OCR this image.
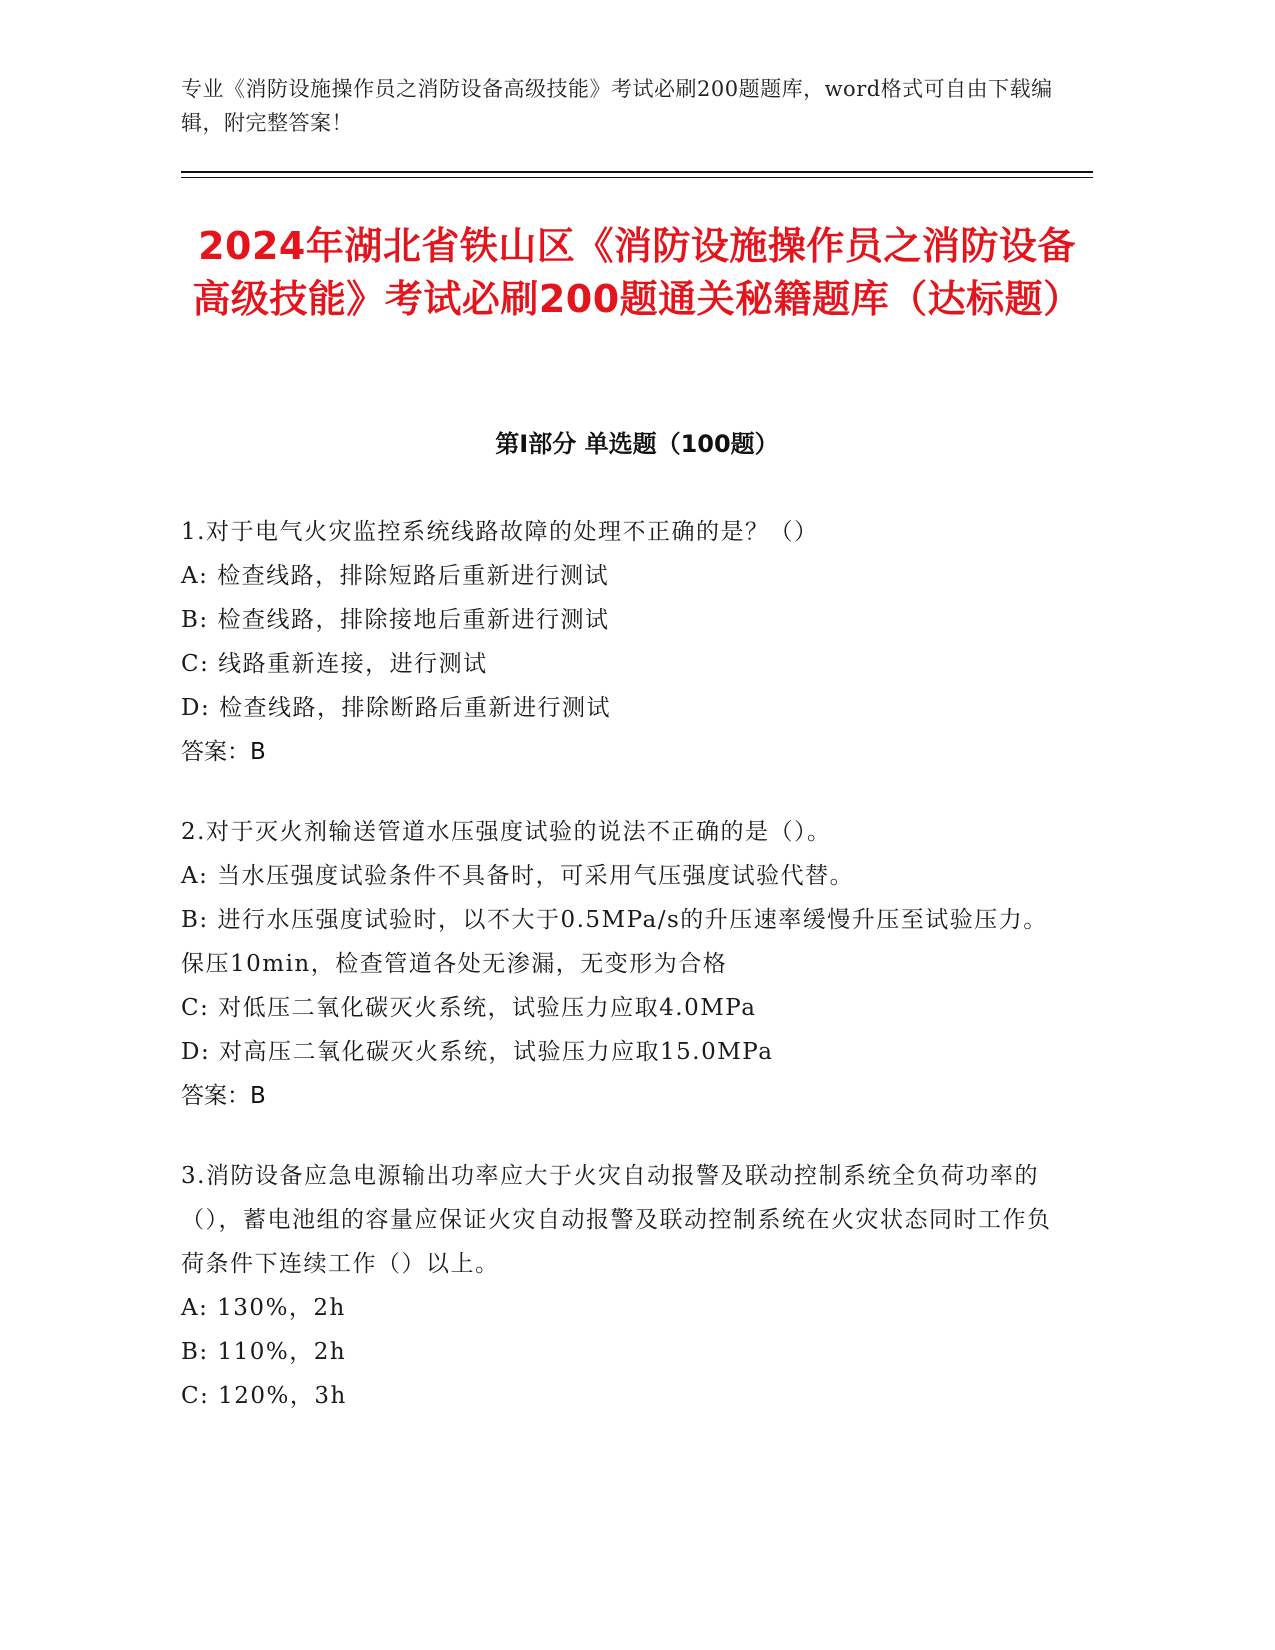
专业《消防设施操作员之消防设备高级技能》考试必刷200题题库，word格式可自由下载编辑，附完整答案！
2024年湖北省铁山区《消防设施操作员之消防设备高级技能》考试必刷200题通关秘籍题库（达标题）
第I部分 单选题（100题）
1.对于电气火灾监控系统线路故障的处理不正确的是？（）
A: 检查线路，排除短路后重新进行测试
B: 检查线路，排除接地后重新进行测试
C: 线路重新连接，进行测试
D: 检查线路，排除断路后重新进行测试
答案：B
2.对于灭火剂输送管道水压强度试验的说法不正确的是（）。
A: 当水压强度试验条件不具备时，可采用气压强度试验代替。
B: 进行水压强度试验时，以不大于0.5MPa/s的升压速率缓慢升压至试验压力。保压10min，检查管道各处无渗漏，无变形为合格
C: 对低压二氧化碳灭火系统，试验压力应取4.0MPa
D: 对高压二氧化碳灭火系统，试验压力应取15.0MPa
答案：B
3.消防设备应急电源输出功率应大于火灾自动报警及联动控制系统全负荷功率的（），蓄电池组的容量应保证火灾自动报警及联动控制系统在火灾状态同时工作负荷条件下连续工作（）以上。
A: 130%，2h
B: 110%，2h
C: 120%，3h
